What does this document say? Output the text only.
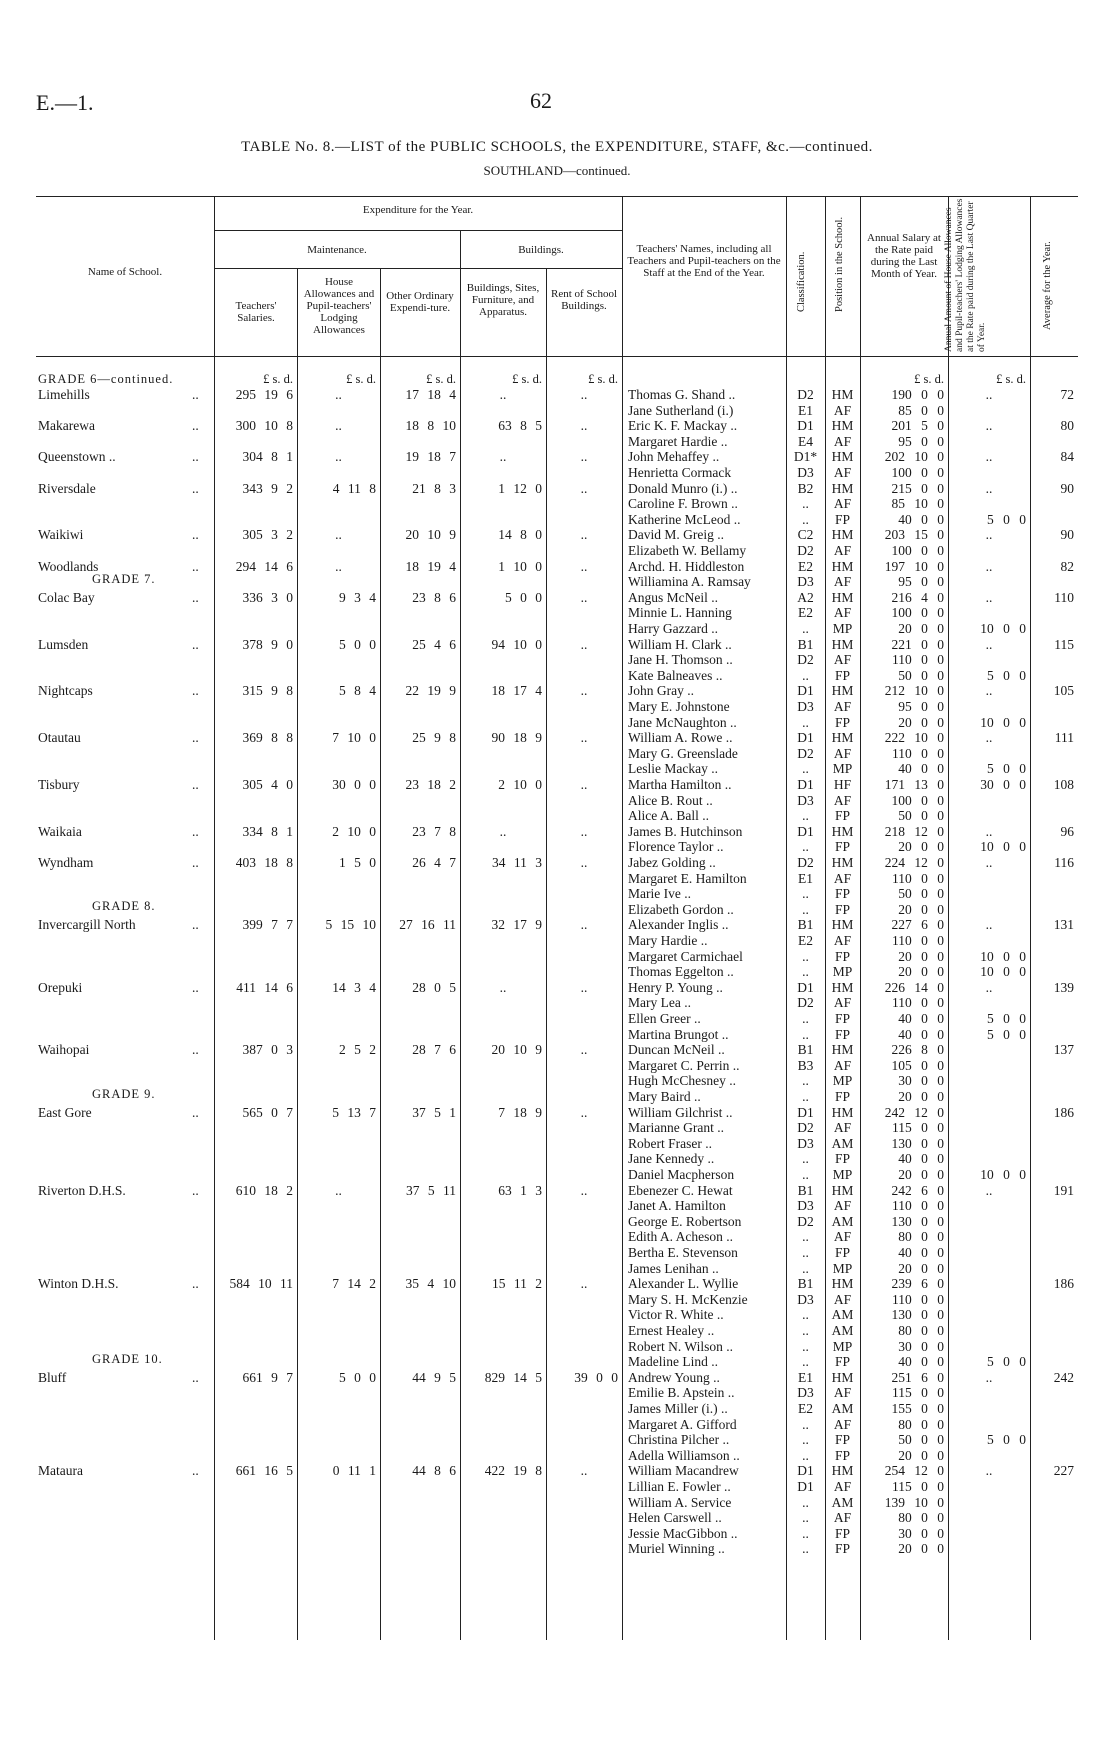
E.—1.	62
TABLE No. 8.—LIST of the PUBLIC SCHOOLS, the EXPENDITURE, STAFF, &c.—continued.
SOUTHLAND—continued.
Name of School.
Expenditure for the Year.
Maintenance.	Buildings.
Teachers' Salaries.
House Allowances and Pupil-teachers' Lodging Allowances
Other Ordinary Expendi-ture.
Buildings, Sites, Furniture, and Apparatus.
Rent of School Buildings.
Teachers' Names, including all Teachers and Pupil-teachers on the Staff at the End of the Year.	Classification.	Position in the School.	Annual Salary at the Rate paid during the Last Month of Year. Annual Amount of House Allowances and Pupil-teachers' Lodging Allowances at the Rate paid during the Last Quarter of Year.
Average for the Year.
£ s. d.	£ s. d.	£ s. d.	£ s. d.	£ s. d.	£ s. d.	£ s. d.
GRADE 6—continued.
Limehills	..	295 19 6	..	17 18 4	..	..	72
Thomas G. Shand ..	D2	HM	190 0 0	..
Jane Sutherland (i.)	E1	AF	85 0 0
Makarewa	..	300 10 8	..	18 8 10	63 8 5	..	80
Eric K. F. Mackay ..	D1	HM	201 5 0	..
Margaret Hardie ..	E4	AF	95 0 0
Queenstown ..	..	304 8 1	..	19 18 7	..	..	84
John Mehaffey ..	D1*	HM	202 10 0	..
Henrietta Cormack	D3	AF	100 0 0
Riversdale	..	343 9 2	4 11 8	21 8 3	1 12 0	..	90
Donald Munro (i.) ..	B2	HM	215 0 0	..
Caroline F. Brown ..	..	AF	85 10 0
Katherine McLeod ..	..	FP	40 0 0	5 0 0
Waikiwi	..	305 3 2	..	20 10 9	14 8 0	..	90
David M. Greig ..	C2	HM	203 15 0	..
Elizabeth W. Bellamy	D2	AF	100 0 0
Woodlands	..	294 14 6	..	18 19 4	1 10 0	..	82
Archd. H. Hiddleston	E2	HM	197 10 0	..
Williamina A. Ramsay	D3	AF	95 0 0
GRADE 7.
Colac Bay	..	336 3 0	9 3 4	23 8 6	5 0 0	..	110
Angus McNeil ..	A2	HM	216 4 0	..
Minnie L. Hanning	E2	AF	100 0 0
Harry Gazzard ..	..	MP	20 0 0	10 0 0
Lumsden	..	378 9 0	5 0 0	25 4 6	94 10 0	..	115
William H. Clark ..	B1	HM	221 0 0	..
Jane H. Thomson ..	D2	AF	110 0 0
Kate Balneaves ..	..	FP	50 0 0	5 0 0
Nightcaps	..	315 9 8	5 8 4	22 19 9	18 17 4	..	105
John Gray ..	D1	HM	212 10 0	..
Mary E. Johnstone	D3	AF	95 0 0
Jane McNaughton ..	..	FP	20 0 0	10 0 0
Otautau	..	369 8 8	7 10 0	25 9 8	90 18 9	..	111
William A. Rowe ..	D1	HM	222 10 0	..
Mary G. Greenslade	D2	AF	110 0 0
Leslie Mackay ..	..	MP	40 0 0	5 0 0
Tisbury	..	305 4 0	30 0 0	23 18 2	2 10 0	..	108
Martha Hamilton ..	D1	HF	171 13 0	30 0 0
Alice B. Rout ..	D3	AF	100 0 0
Alice A. Ball ..	..	FP	50 0 0
Waikaia	..	334 8 1	2 10 0	23 7 8	..	..	96
James B. Hutchinson	D1	HM	218 12 0	..
Florence Taylor ..	..	FP	20 0 0	10 0 0
Wyndham	..	403 18 8	1 5 0	26 4 7	34 11 3	..	116
Jabez Golding ..	D2	HM	224 12 0	..
Margaret E. Hamilton	E1	AF	110 0 0
Marie Ive ..	..	FP	50 0 0
Elizabeth Gordon ..	..	FP	20 0 0
GRADE 8.
Invercargill North	..	399 7 7	5 15 10	27 16 11	32 17 9	..	131
Alexander Inglis ..	B1	HM	227 6 0	..
Mary Hardie ..	E2	AF	110 0 0
Margaret Carmichael	..	FP	20 0 0	10 0 0
Thomas Eggelton ..	..	MP	20 0 0	10 0 0
Orepuki	..	411 14 6	14 3 4	28 0 5	..	..	139
Henry P. Young ..	D1	HM	226 14 0	..
Mary Lea ..	D2	AF	110 0 0
Ellen Greer ..	..	FP	40 0 0	5 0 0
Martina Brungot ..	..	FP	40 0 0	5 0 0
Waihopai	..	387 0 3	2 5 2	28 7 6	20 10 9	..	137
Duncan McNeil ..	B1	HM	226 8 0
Margaret C. Perrin ..	B3	AF	105 0 0
Hugh McChesney ..	..	MP	30 0 0
Mary Baird ..	..	FP	20 0 0
GRADE 9.
East Gore	..	565 0 7	5 13 7	37 5 1	7 18 9	..	186
William Gilchrist ..	D1	HM	242 12 0
Marianne Grant ..	D2	AF	115 0 0
Robert Fraser ..	D3	AM	130 0 0
Jane Kennedy ..	..	FP	40 0 0
Daniel Macpherson	..	MP	20 0 0	10 0 0
Riverton D.H.S.	..	610 18 2	..	37 5 11	63 1 3	..	191
Ebenezer C. Hewat	B1	HM	242 6 0	..
Janet A. Hamilton	D3	AF	110 0 0
George E. Robertson	D2	AM	130 0 0
Edith A. Acheson ..	..	AF	80 0 0
Bertha E. Stevenson	..	FP	40 0 0
James Lenihan ..	..	MP	20 0 0
Winton D.H.S.	..	584 10 11	7 14 2	35 4 10	15 11 2	..	186
Alexander L. Wyllie	B1	HM	239 6 0
Mary S. H. McKenzie	D3	AF	110 0 0
Victor R. White ..	..	AM	130 0 0
Ernest Healey ..	..	AM	80 0 0
Robert N. Wilson ..	..	MP	30 0 0
Madeline Lind ..	..	FP	40 0 0	5 0 0
GRADE 10.
Bluff	..	661 9 7	5 0 0	44 9 5	829 14 5	39 0 0	242
Andrew Young ..	E1	HM	251 6 0	..
Emilie B. Apstein ..	D3	AF	115 0 0
James Miller (i.) ..	E2	AM	155 0 0
Margaret A. Gifford	..	AF	80 0 0
Christina Pilcher ..	..	FP	50 0 0	5 0 0
Adella Williamson ..	..	FP	20 0 0
Mataura	..	661 16 5	0 11 1	44 8 6	422 19 8	..	227
William Macandrew	D1	HM	254 12 0	..
Lillian E. Fowler ..	D1	AF	115 0 0
William A. Service	..	AM	139 10 0
Helen Carswell ..	..	AF	80 0 0
Jessie MacGibbon ..	..	FP	30 0 0
Muriel Winning ..	..	FP	20 0 0
